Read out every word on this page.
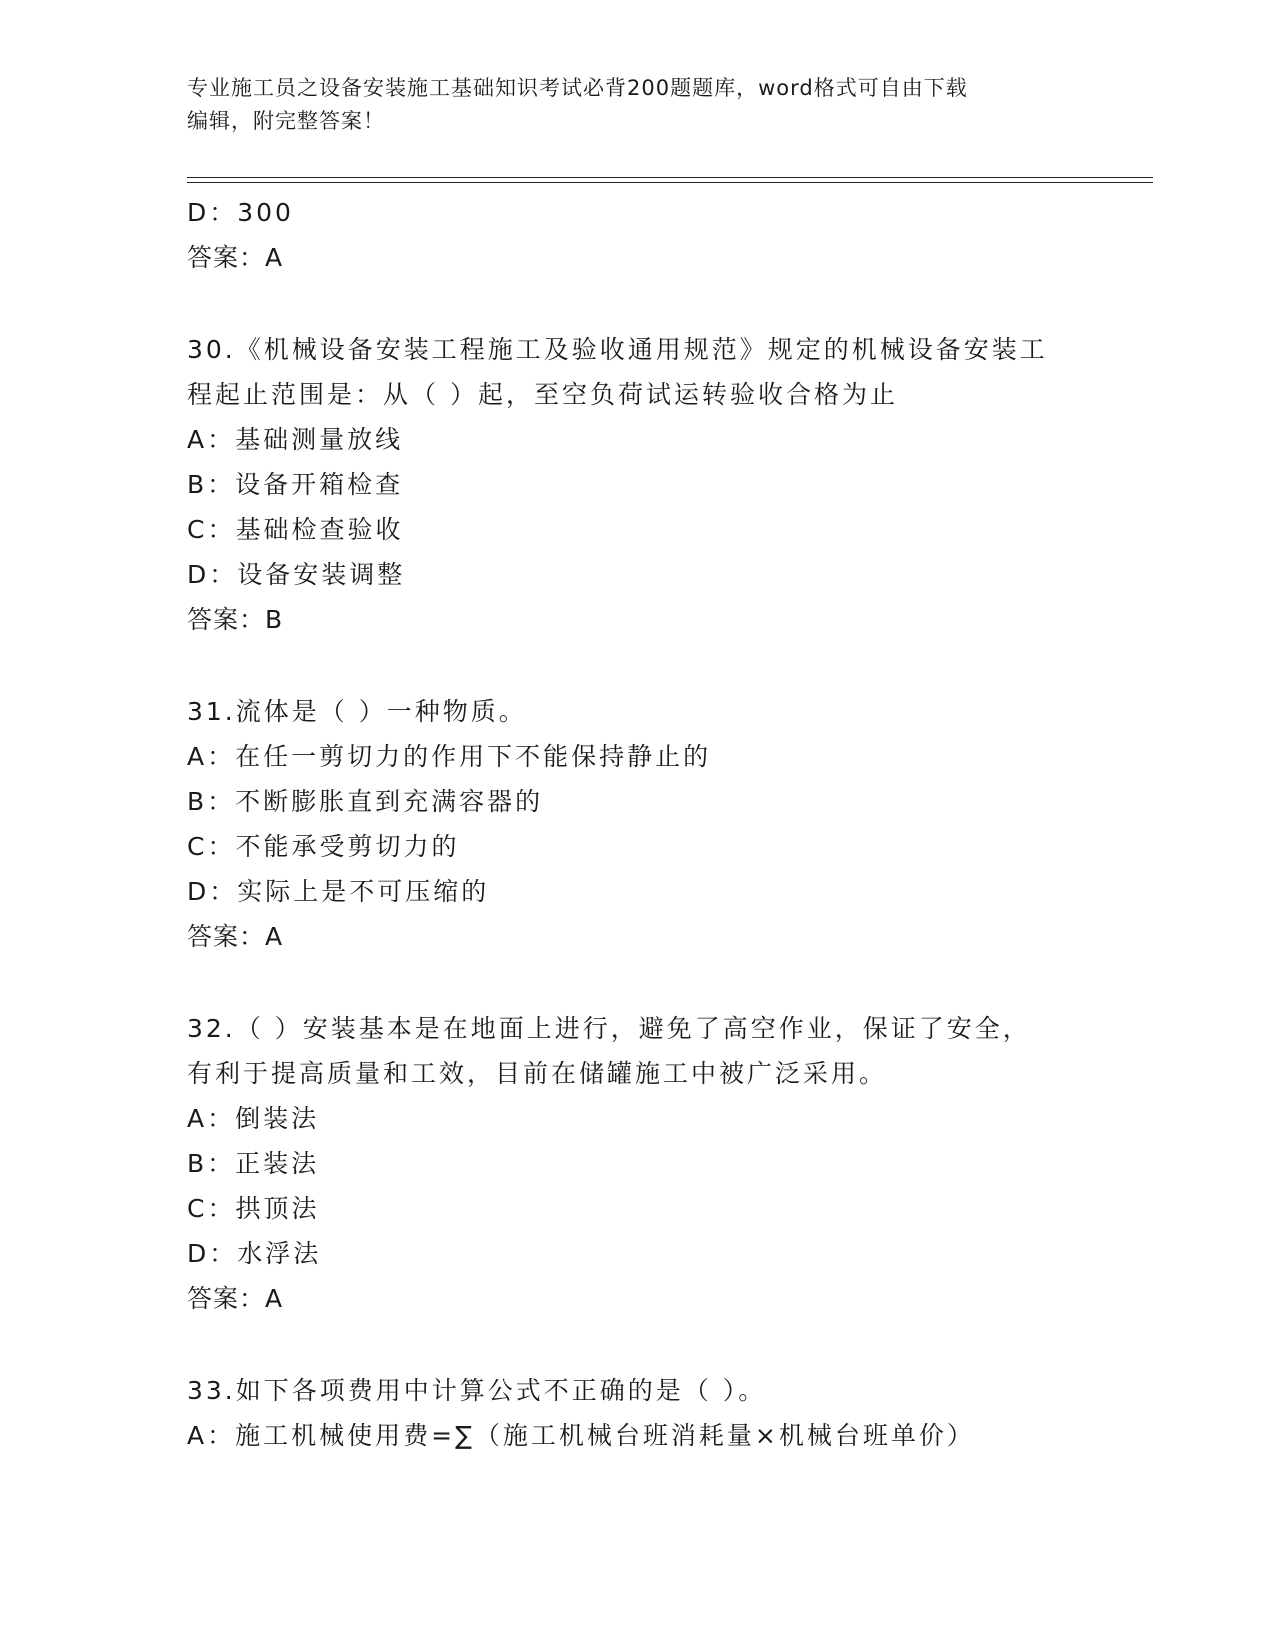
专业施工员之设备安装施工基础知识考试必背200题题库，word格式可自由下载
编辑，附完整答案！
D：300
答案：A
30.《机械设备安装工程施工及验收通用规范》规定的机械设备安装工
程起止范围是：从（ ）起，至空负荷试运转验收合格为止
A：基础测量放线
B：设备开箱检查
C：基础检查验收
D：设备安装调整
答案：B
31.流体是（ ）一种物质。
A：在任一剪切力的作用下不能保持静止的
B：不断膨胀直到充满容器的
C：不能承受剪切力的
D：实际上是不可压缩的
答案：A
32.（ ）安装基本是在地面上进行，避免了高空作业，保证了安全，
有利于提高质量和工效，目前在储罐施工中被广泛采用。
A：倒装法
B：正装法
C：拱顶法
D：水浮法
答案：A
33.如下各项费用中计算公式不正确的是（ ）。
A：施工机械使用费=∑（施工机械台班消耗量×机械台班单价）
